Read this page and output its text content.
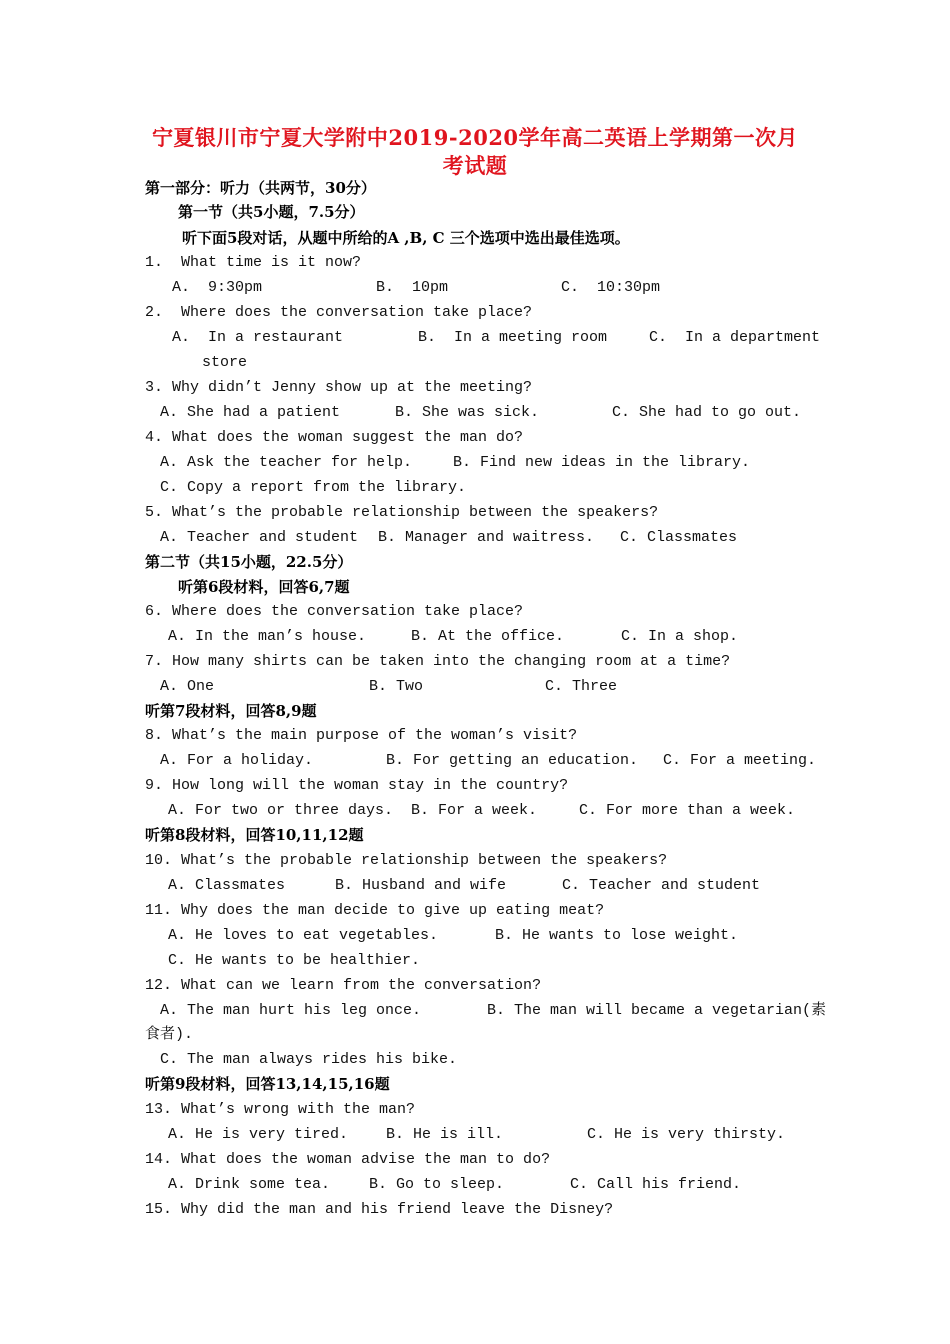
宁夏银川市宁夏大学附中2019-2020学年高二英语上学期第一次月
考试题
第一部分：听力（共两节，30分）
第一节（共5小题，7.5分）
听下面5段对话，从题中所给的A ,B, C 三个选项中选出最佳选项。
1.  What time is it now?
A.  9:30pm	B.  10pm	C.  10:30pm
2.  Where does the conversation take place?
A.  In a restaurant	B.  In a meeting room	C.  In a department
store
3. Why didn’t Jenny show up at the meeting?
A. She had a patient	B. She was sick.	C. She had to go out.
4. What does the woman suggest the man do?
A. Ask the teacher for help.	B. Find new ideas in the library.
C. Copy a report from the library.
5. What’s the probable relationship between the speakers?
A. Teacher and student B. Manager and waitress. C. Classmates
第二节（共15小题，22.5分）
听第6段材料，回答6,7题
6. Where does the conversation take place?
A. In the man’s house.	B. At the office.	C. In a shop.
7. How many shirts can be taken into the changing room at a time?
A. One	B. Two	C. Three
听第7段材料，回答8,9题
8. What’s the main purpose of the woman’s visit?
A. For a holiday.	B. For getting an education. C. For a meeting.
9. How long will the woman stay in the country?
A. For two or three days. B. For a week.	C. For more than a week.
听第8段材料，回答10,11,12题
10. What’s the probable relationship between the speakers?
A. Classmates	B. Husband and wife	C. Teacher and student
11. Why does the man decide to give up eating meat?
A. He loves to eat vegetables.	B. He wants to lose weight.
C. He wants to be healthier.
12. What can we learn from the conversation?
A. The man hurt his leg once.	B. The man will became a vegetarian(素
食者).
C. The man always rides his bike.
听第9段材料，回答13,14,15,16题
13. What’s wrong with the man?
A. He is very tired.	B. He is ill.	C. He is very thirsty.
14. What does the woman advise the man to do?
A. Drink some tea.	B. Go to sleep.	C. Call his friend.
15. Why did the man and his friend leave the Disney?
